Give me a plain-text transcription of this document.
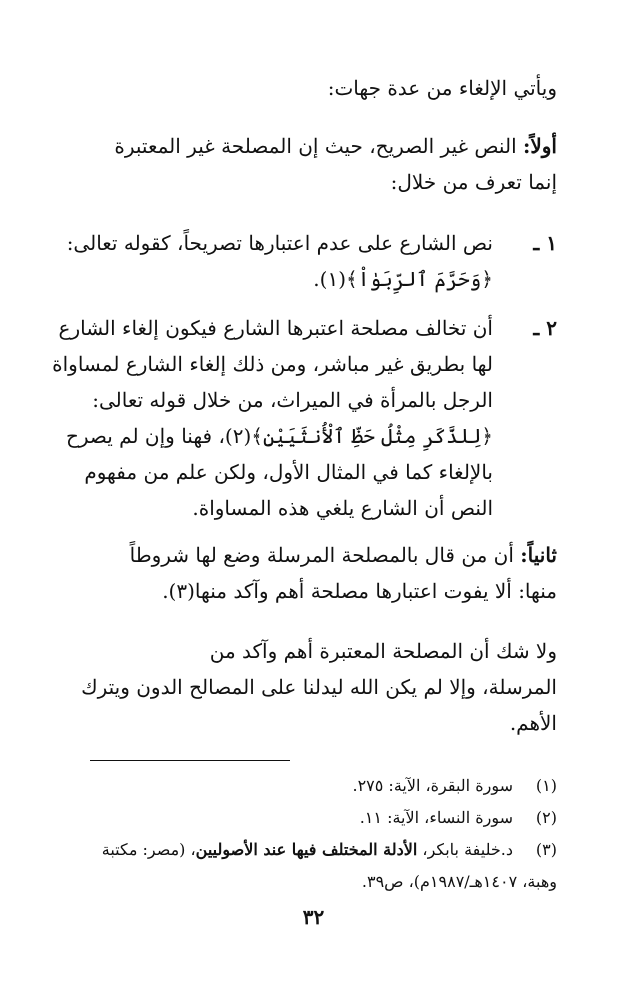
ويأتي الإلغاء من عدة جهات:
أولاً: النص غير الصريح، حيث إن المصلحة غير المعتبرة
إنما تعرف من خلال:
١ ـ
نص الشارع على عدم اعتبارها تصريحاً، كقوله تعالى:
﴿وَحَرَّمَ ٱلرِّبَوٰاْ﴾(١).
٢ ـ
أن تخالف مصلحة اعتبرها الشارع فيكون إلغاء الشارع
لها بطريق غير مباشر، ومن ذلك إلغاء الشارع لمساواة
الرجل بالمرأة في الميراث، من خلال قوله تعالى:
﴿لِلذَّكَرِ مِثْلُ حَظِّ ٱلْأُنثَيَيْنِ﴾(٢)، فهنا وإن لم يصرح
بالإلغاء كما في المثال الأول، ولكن علم من مفهوم
النص أن الشارع يلغي هذه المساواة.
ثانياً: أن من قال بالمصلحة المرسلة وضع لها شروطاً
منها: ألا يفوت اعتبارها مصلحة أهم وآكد منها(٣).
ولا شك أن المصلحة المعتبرة أهم وآكد من
المرسلة، وإلا لم يكن الله ليدلنا على المصالح الدون ويترك
الأهم.
(١)سورة البقرة، الآية: ٢٧٥.
(٢)سورة النساء، الآية: ١١.
(٣)د.خليفة بابكر، الأدلة المختلف فيها عند الأصوليين، (مصر: مكتبة
وهبة، ١٤٠٧هـ/١٩٨٧م)، ص٣٩.
٣٢
